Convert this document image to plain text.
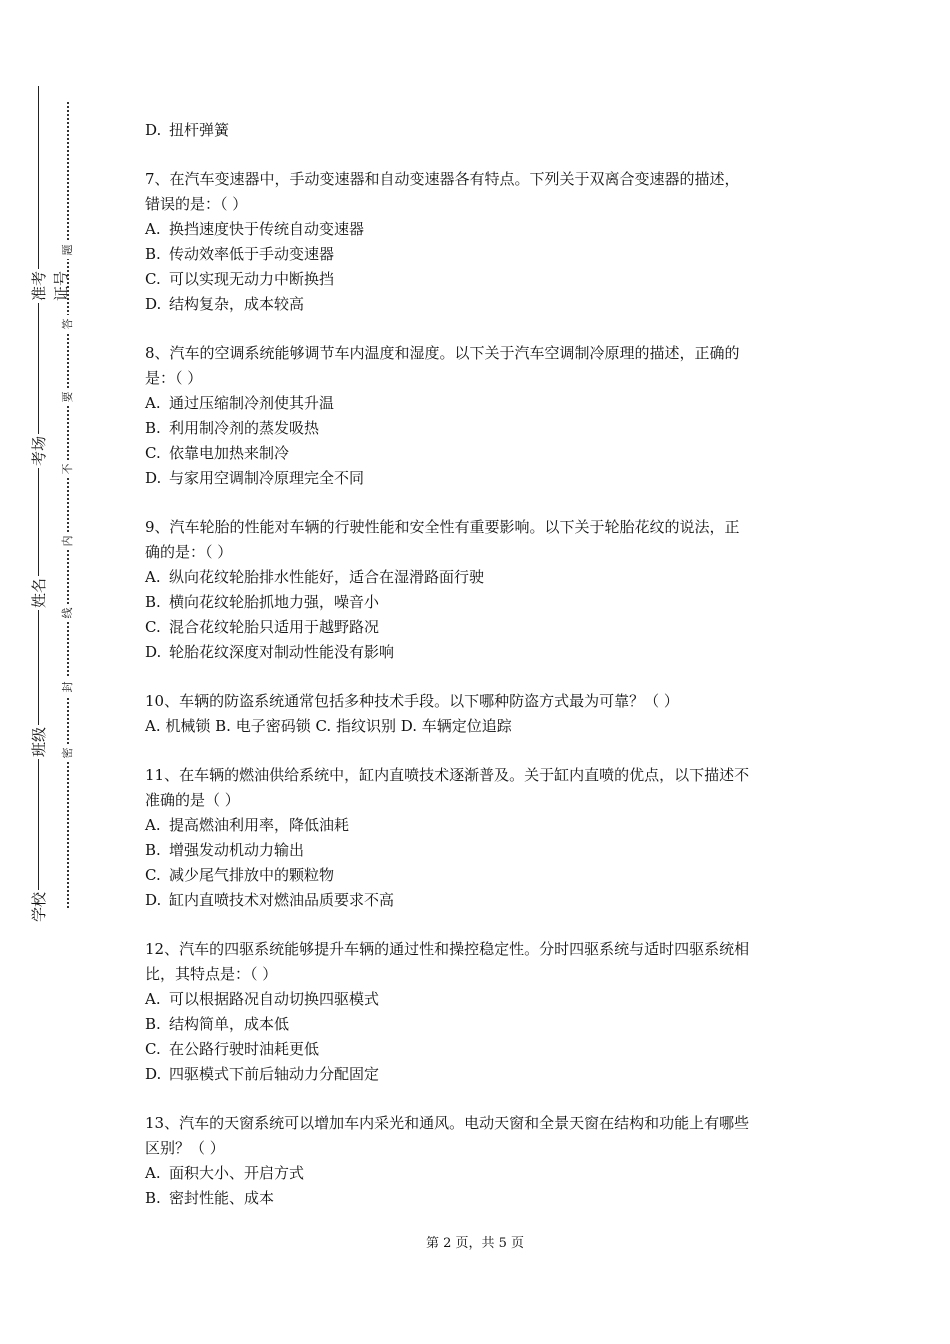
准考证号
考场
姓名
班级
学校
题
答
要
不
内
线
封
密
D. 扭杆弹簧
7、在汽车变速器中，手动变速器和自动变速器各有特点。下列关于双离合变速器的描述，
错误的是：（ ）
A. 换挡速度快于传统自动变速器
B. 传动效率低于手动变速器
C. 可以实现无动力中断换挡
D. 结构复杂，成本较高
8、汽车的空调系统能够调节车内温度和湿度。以下关于汽车空调制冷原理的描述，正确的
是：（ ）
A. 通过压缩制冷剂使其升温
B. 利用制冷剂的蒸发吸热
C. 依靠电加热来制冷
D. 与家用空调制冷原理完全不同
9、汽车轮胎的性能对车辆的行驶性能和安全性有重要影响。以下关于轮胎花纹的说法，正
确的是：（ ）
A. 纵向花纹轮胎排水性能好，适合在湿滑路面行驶
B. 横向花纹轮胎抓地力强，噪音小
C. 混合花纹轮胎只适用于越野路况
D. 轮胎花纹深度对制动性能没有影响
10、车辆的防盗系统通常包括多种技术手段。以下哪种防盗方式最为可靠？（ ）
A. 机械锁 B. 电子密码锁 C. 指纹识别 D. 车辆定位追踪
11、在车辆的燃油供给系统中，缸内直喷技术逐渐普及。关于缸内直喷的优点，以下描述不
准确的是（ ）
A. 提高燃油利用率，降低油耗
B. 增强发动机动力输出
C. 减少尾气排放中的颗粒物
D. 缸内直喷技术对燃油品质要求不高
12、汽车的四驱系统能够提升车辆的通过性和操控稳定性。分时四驱系统与适时四驱系统相
比，其特点是：（ ）
A. 可以根据路况自动切换四驱模式
B. 结构简单，成本低
C. 在公路行驶时油耗更低
D. 四驱模式下前后轴动力分配固定
13、汽车的天窗系统可以增加车内采光和通风。电动天窗和全景天窗在结构和功能上有哪些
区别？（ ）
A. 面积大小、开启方式
B. 密封性能、成本
第 2 页，共 5 页
